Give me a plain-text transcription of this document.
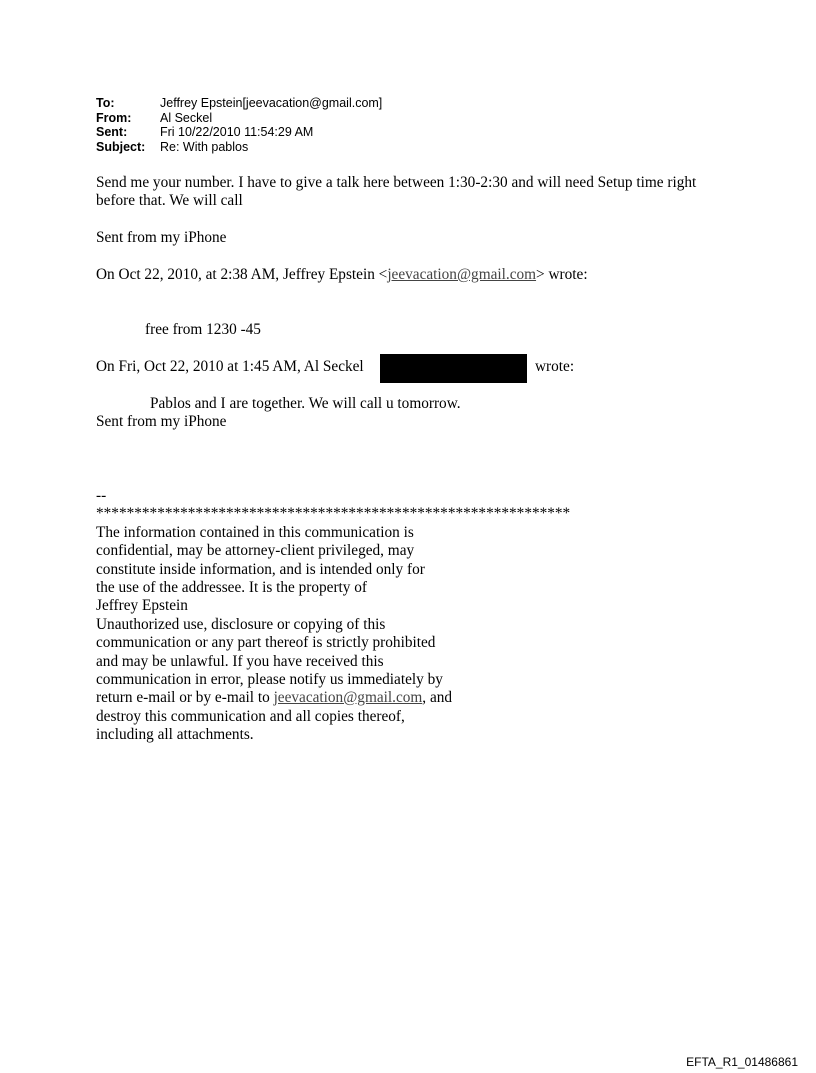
To:	Jeffrey Epstein[jeevacation@gmail.com]
From:	Al Seckel
Sent:	Fri 10/22/2010 11:54:29 AM
Subject:	Re: With pablos

Send me your number. I have to give a talk here between 1:30-2:30 and will need Setup time right

before that. We will call

Sent from my iPhone

On Oct 22, 2010, at 2:38 AM, Jeffrey Epstein <jeevacation@gmail.com> wrote:

free from 1230 -45

On Fri, Oct 22, 2010 at 1:45 AM, Al Seckel	wrote:

Pablos and I are together. We will call u tomorrow.

Sent from my iPhone

--

**************************************************************

The information contained in this communication is

confidential, may be attorney-client privileged, may

constitute inside information, and is intended only for

the use of the addressee. It is the property of

Jeffrey Epstein

Unauthorized use, disclosure or copying of this

communication or any part thereof is strictly prohibited

and may be unlawful. If you have received this

communication in error, please notify us immediately by

return e-mail or by e-mail to jeevacation@gmail.com, and

destroy this communication and all copies thereof,

including all attachments.

EFTA_R1_01486861
